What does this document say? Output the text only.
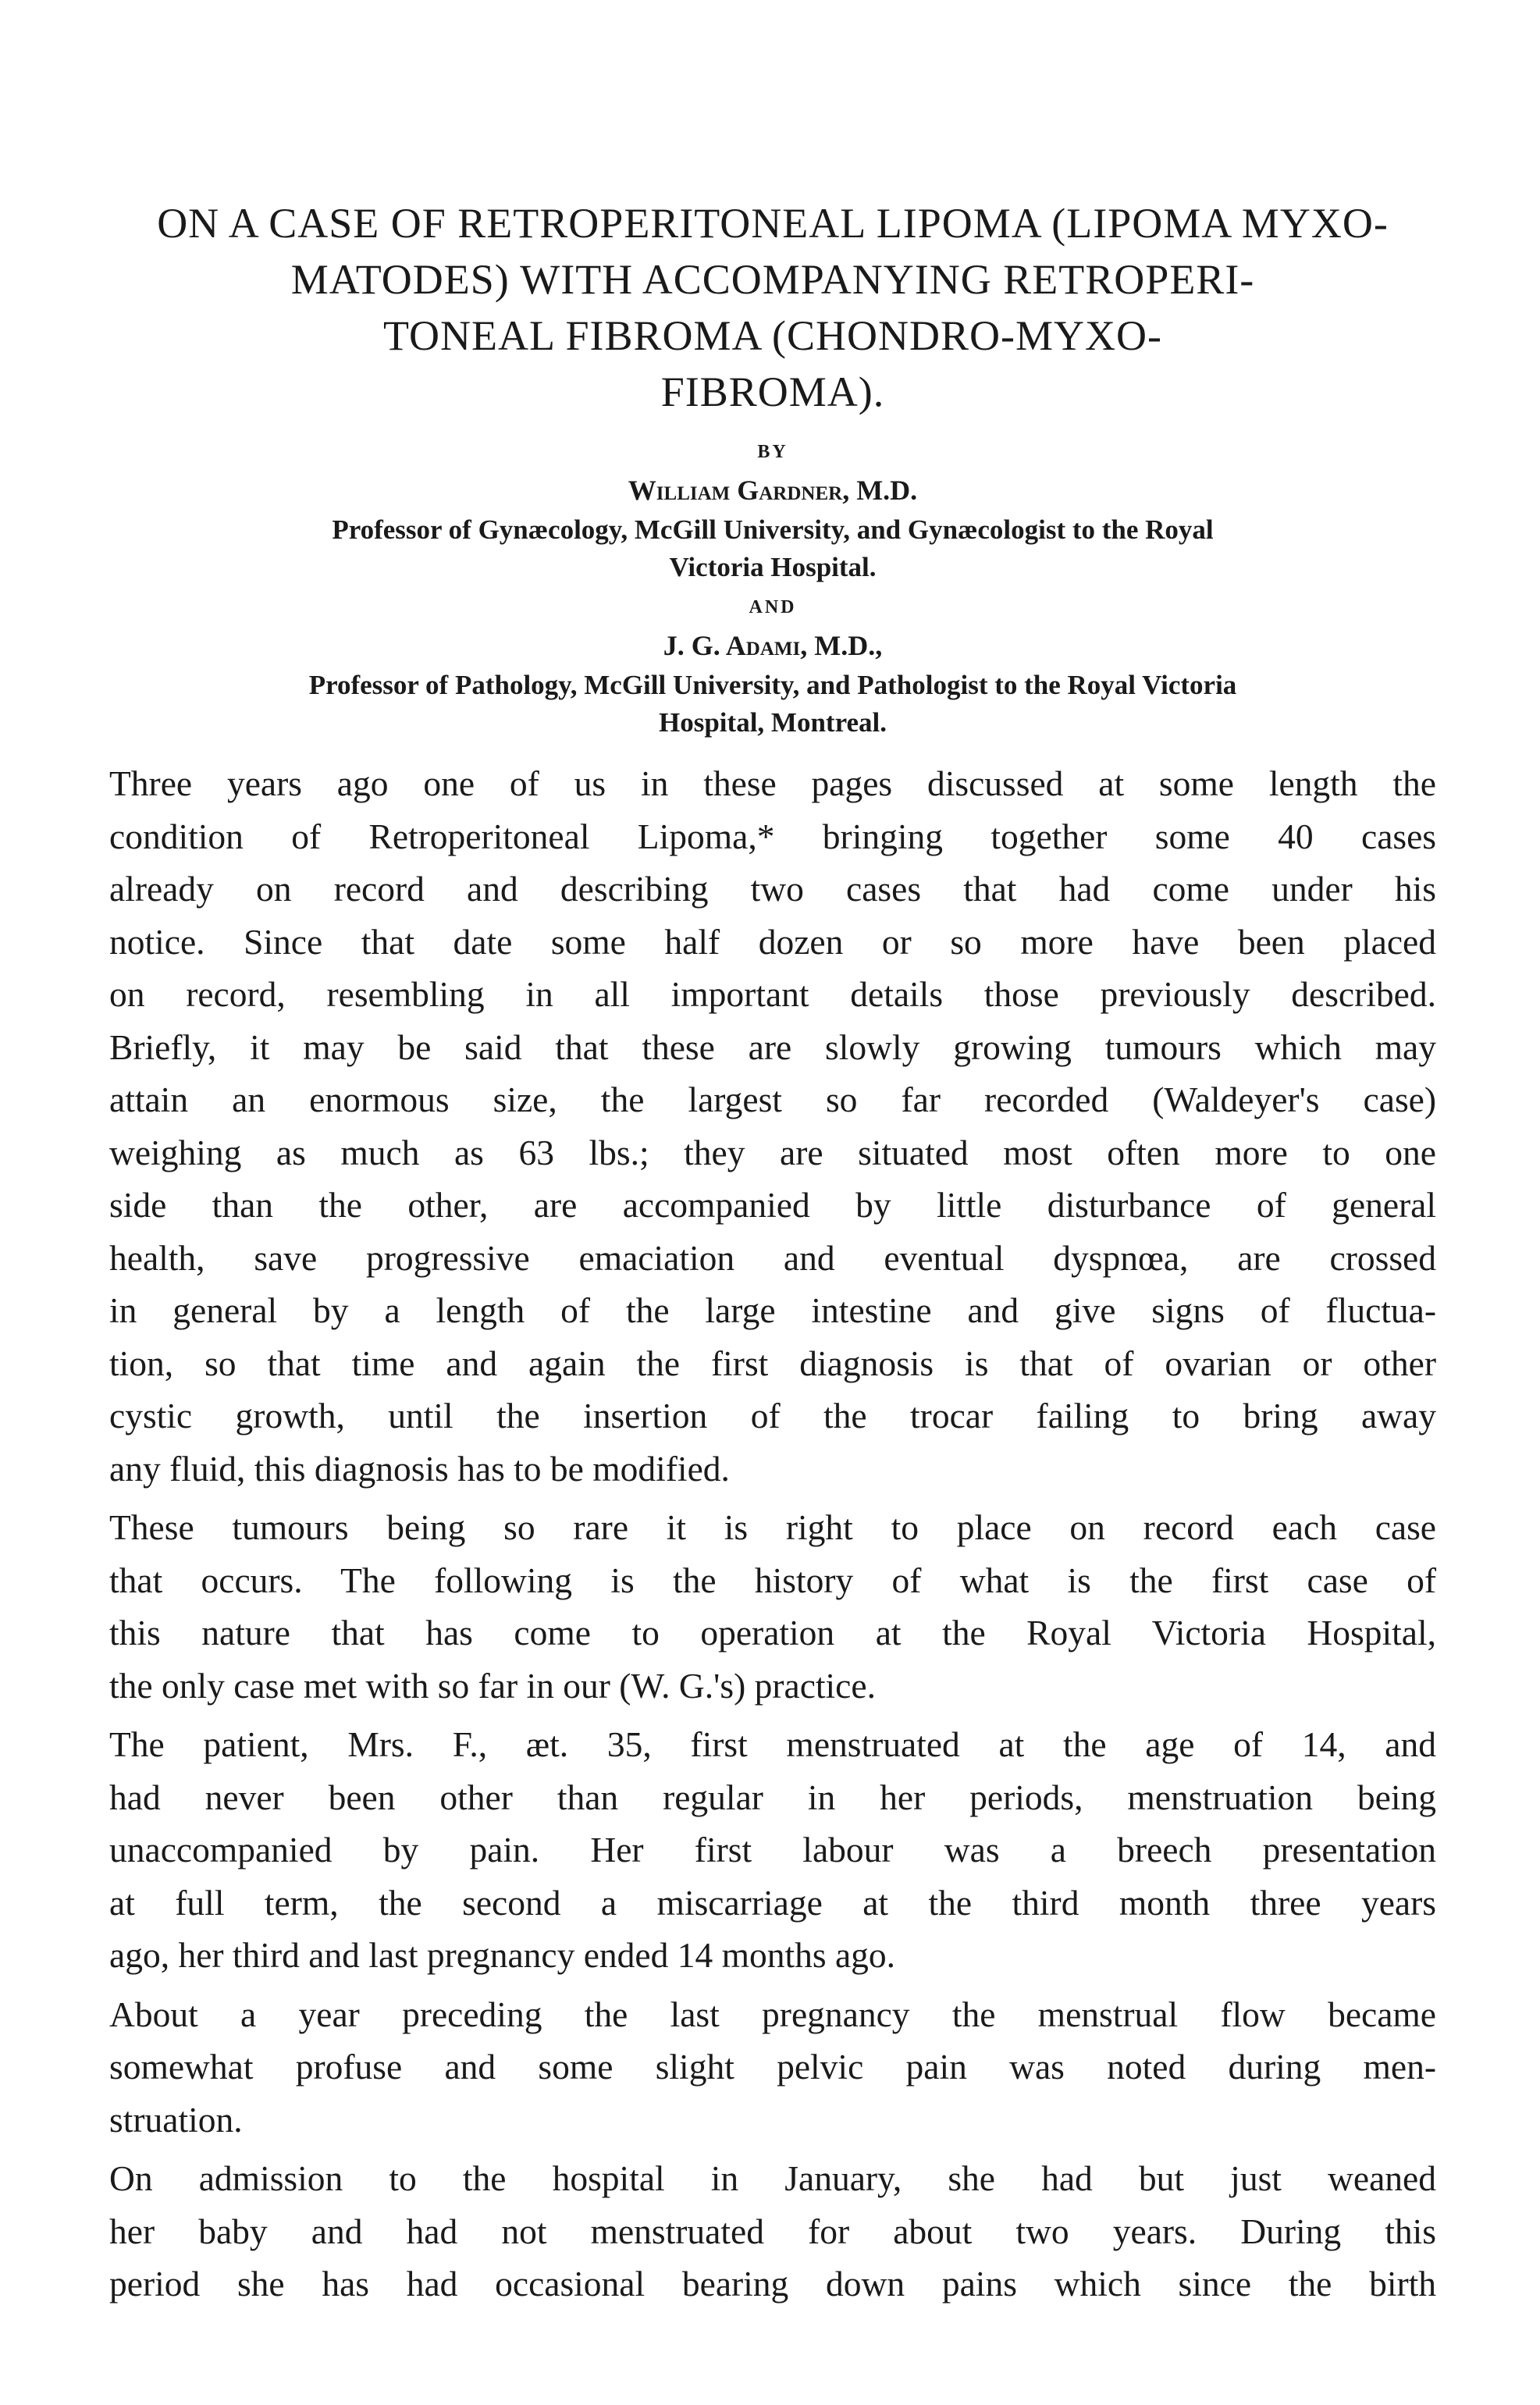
ON A CASE OF RETROPERITONEAL LIPOMA (LIPOMA MYXO-
MATODES) WITH ACCOMPANYING RETROPERI-
TONEAL FIBROMA (CHONDRO-MYXO-
FIBROMA).
BY
William Gardner, M.D.

Professor of Gynæcology, McGill University, and Gynæcologist to the Royal
Victoria Hospital.

AND
J. G. Adami, M.D.,

Professor of Pathology, McGill University, and Pathologist to the Royal Victoria
Hospital, Montreal.

Three years ago one of us in these pages discussed at some length the
condition of Retroperitoneal Lipoma,* bringing together some 40 cases
already on record and describing two cases that had come under his
notice. Since that date some half dozen or so more have been placed
on record, resembling in all important details those previously described.
Briefly, it may be said that these are slowly growing tumours which may
attain an enormous size, the largest so far recorded (Waldeyer's case)
weighing as much as 63 lbs.; they are situated most often more to one
side than the other, are accompanied by little disturbance of general
health, save progressive emaciation and eventual dyspnœa, are crossed
in general by a length of the large intestine and give signs of fluctua-
tion, so that time and again the first diagnosis is that of ovarian or other
cystic growth, until the insertion of the trocar failing to bring away
any fluid, this diagnosis has to be modified.

These tumours being so rare it is right to place on record each case
that occurs. The following is the history of what is the first case of
this nature that has come to operation at the Royal Victoria Hospital,
the only case met with so far in our (W. G.'s) practice.

The patient, Mrs. F., æt. 35, first menstruated at the age of 14, and
had never been other than regular in her periods, menstruation being
unaccompanied by pain. Her first labour was a breech presentation
at full term, the second a miscarriage at the third month three years
ago, her third and last pregnancy ended 14 months ago.

About a year preceding the last pregnancy the menstrual flow became
somewhat profuse and some slight pelvic pain was noted during men-
struation.

On admission to the hospital in January, she had but just weaned
her baby and had not menstruated for about two years. During this
period she has had occasional bearing down pains which since the birth
